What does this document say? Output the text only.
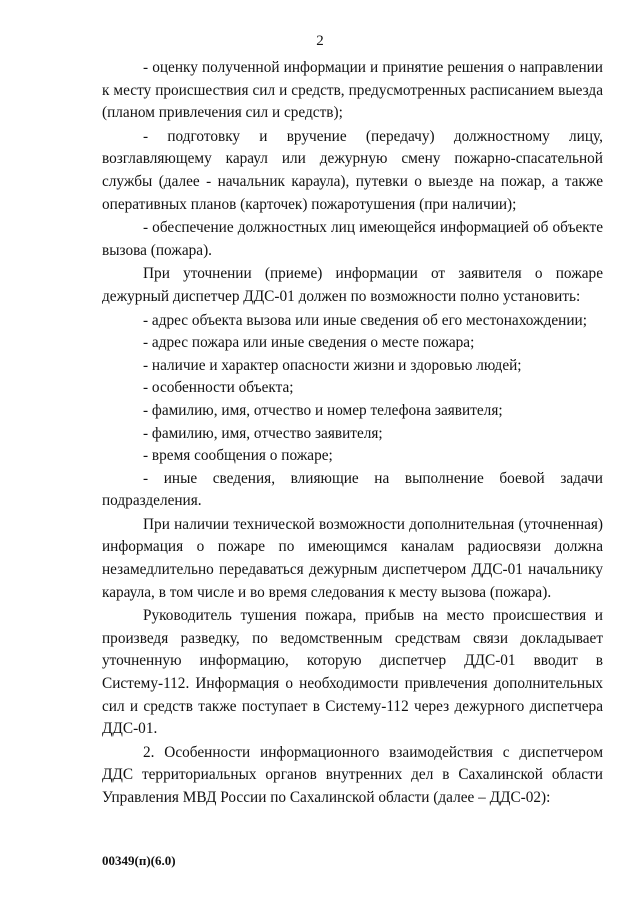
2

- оценку полученной информации и принятие решения о направлении к месту происшествия сил и средств, предусмотренных расписанием выезда (планом привлечения сил и средств);

- подготовку и вручение (передачу) должностному лицу, возглавляющему караул или дежурную смену пожарно-спасательной службы (далее - начальник караула), путевки о выезде на пожар, а также оперативных планов (карточек) пожаротушения (при наличии);

- обеспечение должностных лиц имеющейся информацией об объекте вызова (пожара).

При уточнении (приеме) информации от заявителя о пожаре дежурный диспетчер ДДС-01 должен по возможности полно установить:

- адрес объекта вызова или иные сведения об его местонахождении;

- адрес пожара или иные сведения о месте пожара;

- наличие и характер опасности жизни и здоровью людей;

- особенности объекта;

- фамилию, имя, отчество и номер телефона заявителя;

- фамилию, имя, отчество заявителя;

- время сообщения о пожаре;

- иные сведения, влияющие на выполнение боевой задачи подразделения.

При наличии технической возможности дополнительная (уточненная) информация о пожаре по имеющимся каналам радиосвязи должна незамедлительно передаваться дежурным диспетчером ДДС-01 начальнику караула, в том числе и во время следования к месту вызова (пожара).

Руководитель тушения пожара, прибыв на место происшествия и произведя разведку, по ведомственным средствам связи докладывает уточненную информацию, которую диспетчер ДДС-01 вводит в Систему-112. Информация о необходимости привлечения дополнительных сил и средств также поступает в Систему-112 через дежурного диспетчера ДДС-01.

2. Особенности информационного взаимодействия с диспетчером ДДС территориальных органов внутренних дел в Сахалинской области Управления МВД России по Сахалинской области (далее – ДДС-02):

00349(п)(6.0)
